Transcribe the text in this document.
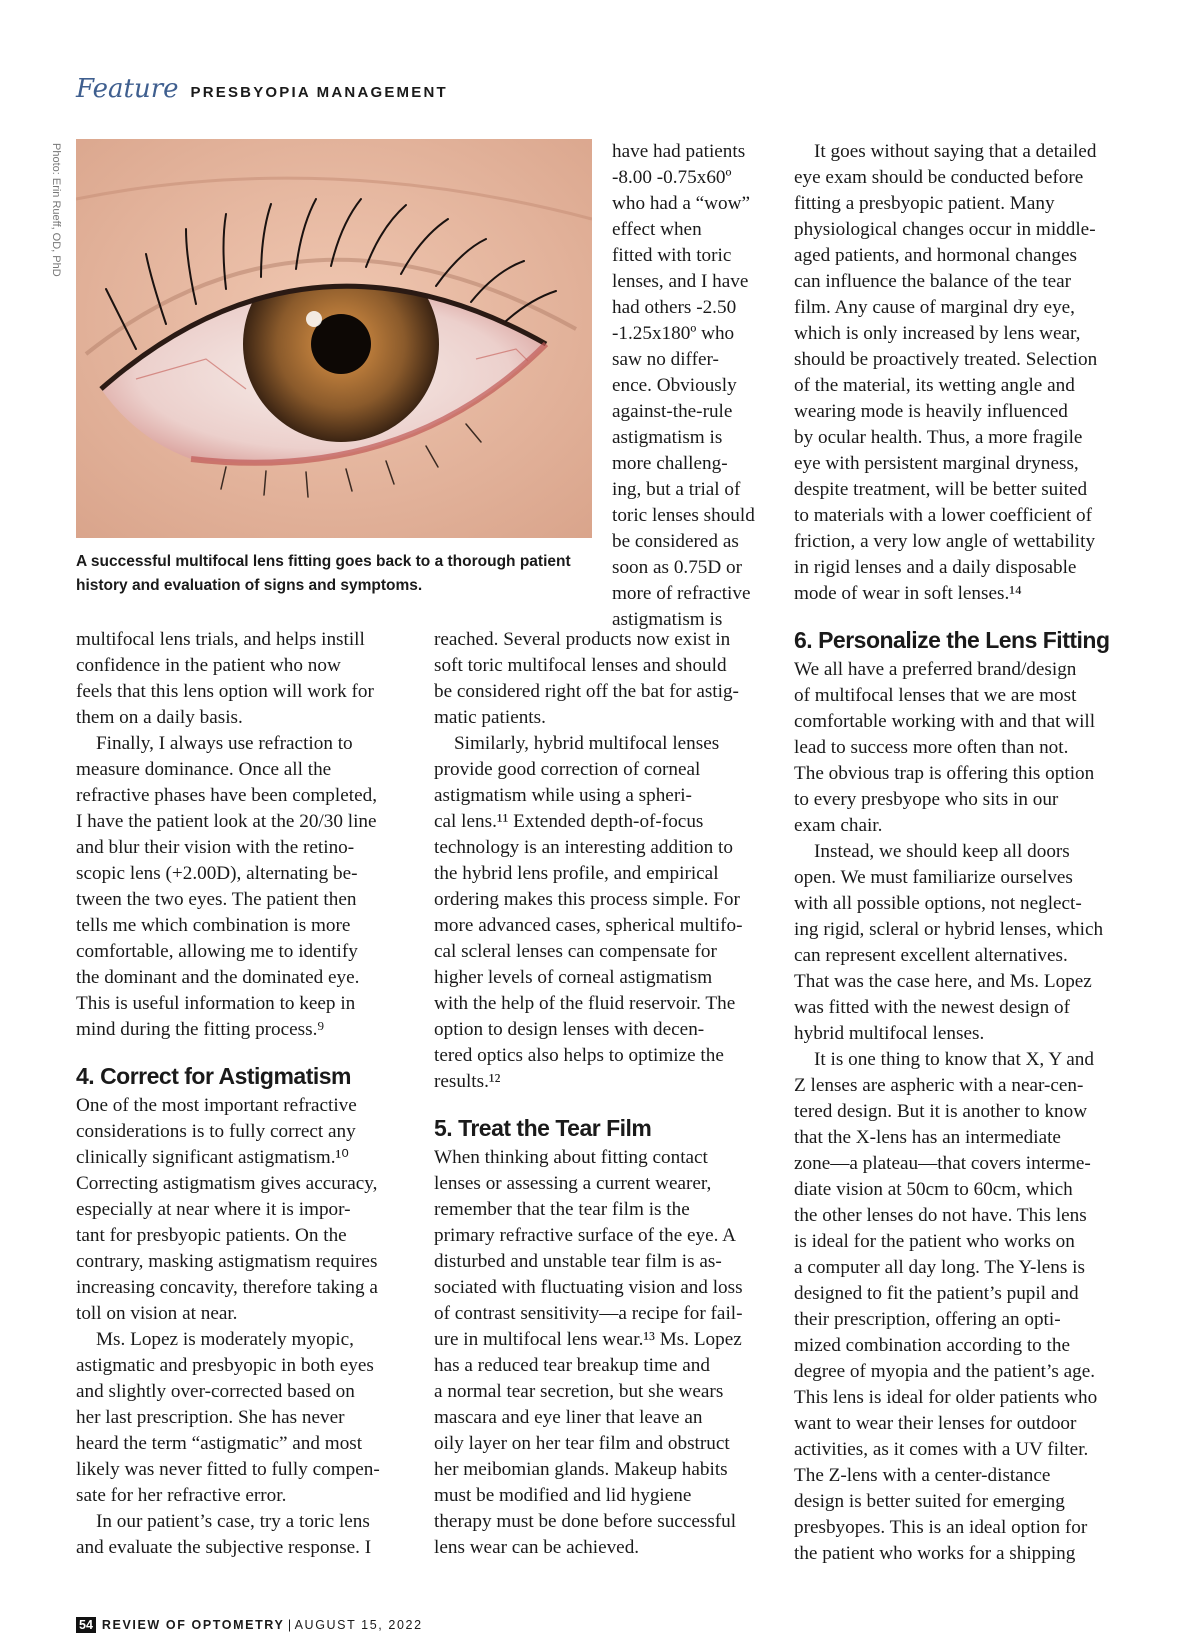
Feature PRESBYOPIA MANAGEMENT
Photo: Erin Rueff, OD, PhD
A successful multifocal lens fitting goes back to a thorough patient
history and evaluation of signs and symptoms.
have had patients
-8.00 -0.75x60º
who had a “wow”
effect when
fitted with toric
lenses, and I have
had others -2.50
-1.25x180º who
saw no differ-
ence. Obviously
against-the-rule
astigmatism is
more challeng-
ing, but a trial of
toric lenses should
be considered as
soon as 0.75D or
more of refractive
astigmatism is
multifocal lens trials, and helps instill
confidence in the patient who now
feels that this lens option will work for
them on a daily basis.
Finally, I always use refraction to
measure dominance. Once all the
refractive phases have been completed,
I have the patient look at the 20/30 line
and blur their vision with the retino-
scopic lens (+2.00D), alternating be-
tween the two eyes. The patient then
tells me which combination is more
comfortable, allowing me to identify
the dominant and the dominated eye.
This is useful information to keep in
mind during the fitting process.⁹
4. Correct for Astigmatism
One of the most important refractive
considerations is to fully correct any
clinically significant astigmatism.¹⁰
Correcting astigmatism gives accuracy,
especially at near where it is impor-
tant for presbyopic patients. On the
contrary, masking astigmatism requires
increasing concavity, therefore taking a
toll on vision at near.
Ms. Lopez is moderately myopic,
astigmatic and presbyopic in both eyes
and slightly over-corrected based on
her last prescription. She has never
heard the term “astigmatic” and most
likely was never fitted to fully compen-
sate for her refractive error.
In our patient’s case, try a toric lens
and evaluate the subjective response. I
reached. Several products now exist in
soft toric multifocal lenses and should
be considered right off the bat for astig-
matic patients.
Similarly, hybrid multifocal lenses
provide good correction of corneal
astigmatism while using a spheri-
cal lens.¹¹ Extended depth-of-focus
technology is an interesting addition to
the hybrid lens profile, and empirical
ordering makes this process simple. For
more advanced cases, spherical multifo-
cal scleral lenses can compensate for
higher levels of corneal astigmatism
with the help of the fluid reservoir. The
option to design lenses with decen-
tered optics also helps to optimize the
results.¹²
5. Treat the Tear Film
When thinking about fitting contact
lenses or assessing a current wearer,
remember that the tear film is the
primary refractive surface of the eye. A
disturbed and unstable tear film is as-
sociated with fluctuating vision and loss
of contrast sensitivity—a recipe for fail-
ure in multifocal lens wear.¹³ Ms. Lopez
has a reduced tear breakup time and
a normal tear secretion, but she wears
mascara and eye liner that leave an
oily layer on her tear film and obstruct
her meibomian glands. Makeup habits
must be modified and lid hygiene
therapy must be done before successful
lens wear can be achieved.
It goes without saying that a detailed
eye exam should be conducted before
fitting a presbyopic patient. Many
physiological changes occur in middle-
aged patients, and hormonal changes
can influence the balance of the tear
film. Any cause of marginal dry eye,
which is only increased by lens wear,
should be proactively treated. Selection
of the material, its wetting angle and
wearing mode is heavily influenced
by ocular health. Thus, a more fragile
eye with persistent marginal dryness,
despite treatment, will be better suited
to materials with a lower coefficient of
friction, a very low angle of wettability
in rigid lenses and a daily disposable
mode of wear in soft lenses.¹⁴
6. Personalize the Lens Fitting
We all have a preferred brand/design
of multifocal lenses that we are most
comfortable working with and that will
lead to success more often than not.
The obvious trap is offering this option
to every presbyope who sits in our
exam chair.
Instead, we should keep all doors
open. We must familiarize ourselves
with all possible options, not neglect-
ing rigid, scleral or hybrid lenses, which
can represent excellent alternatives.
That was the case here, and Ms. Lopez
was fitted with the newest design of
hybrid multifocal lenses.
It is one thing to know that X, Y and
Z lenses are aspheric with a near-cen-
tered design. But it is another to know
that the X-lens has an intermediate
zone—a plateau—that covers interme-
diate vision at 50cm to 60cm, which
the other lenses do not have. This lens
is ideal for the patient who works on
a computer all day long. The Y-lens is
designed to fit the patient’s pupil and
their prescription, offering an opti-
mized combination according to the
degree of myopia and the patient’s age.
This lens is ideal for older patients who
want to wear their lenses for outdoor
activities, as it comes with a UV filter.
The Z-lens with a center-distance
design is better suited for emerging
presbyopes. This is an ideal option for
the patient who works for a shipping
54 REVIEW OF OPTOMETRY | AUGUST 15, 2022
